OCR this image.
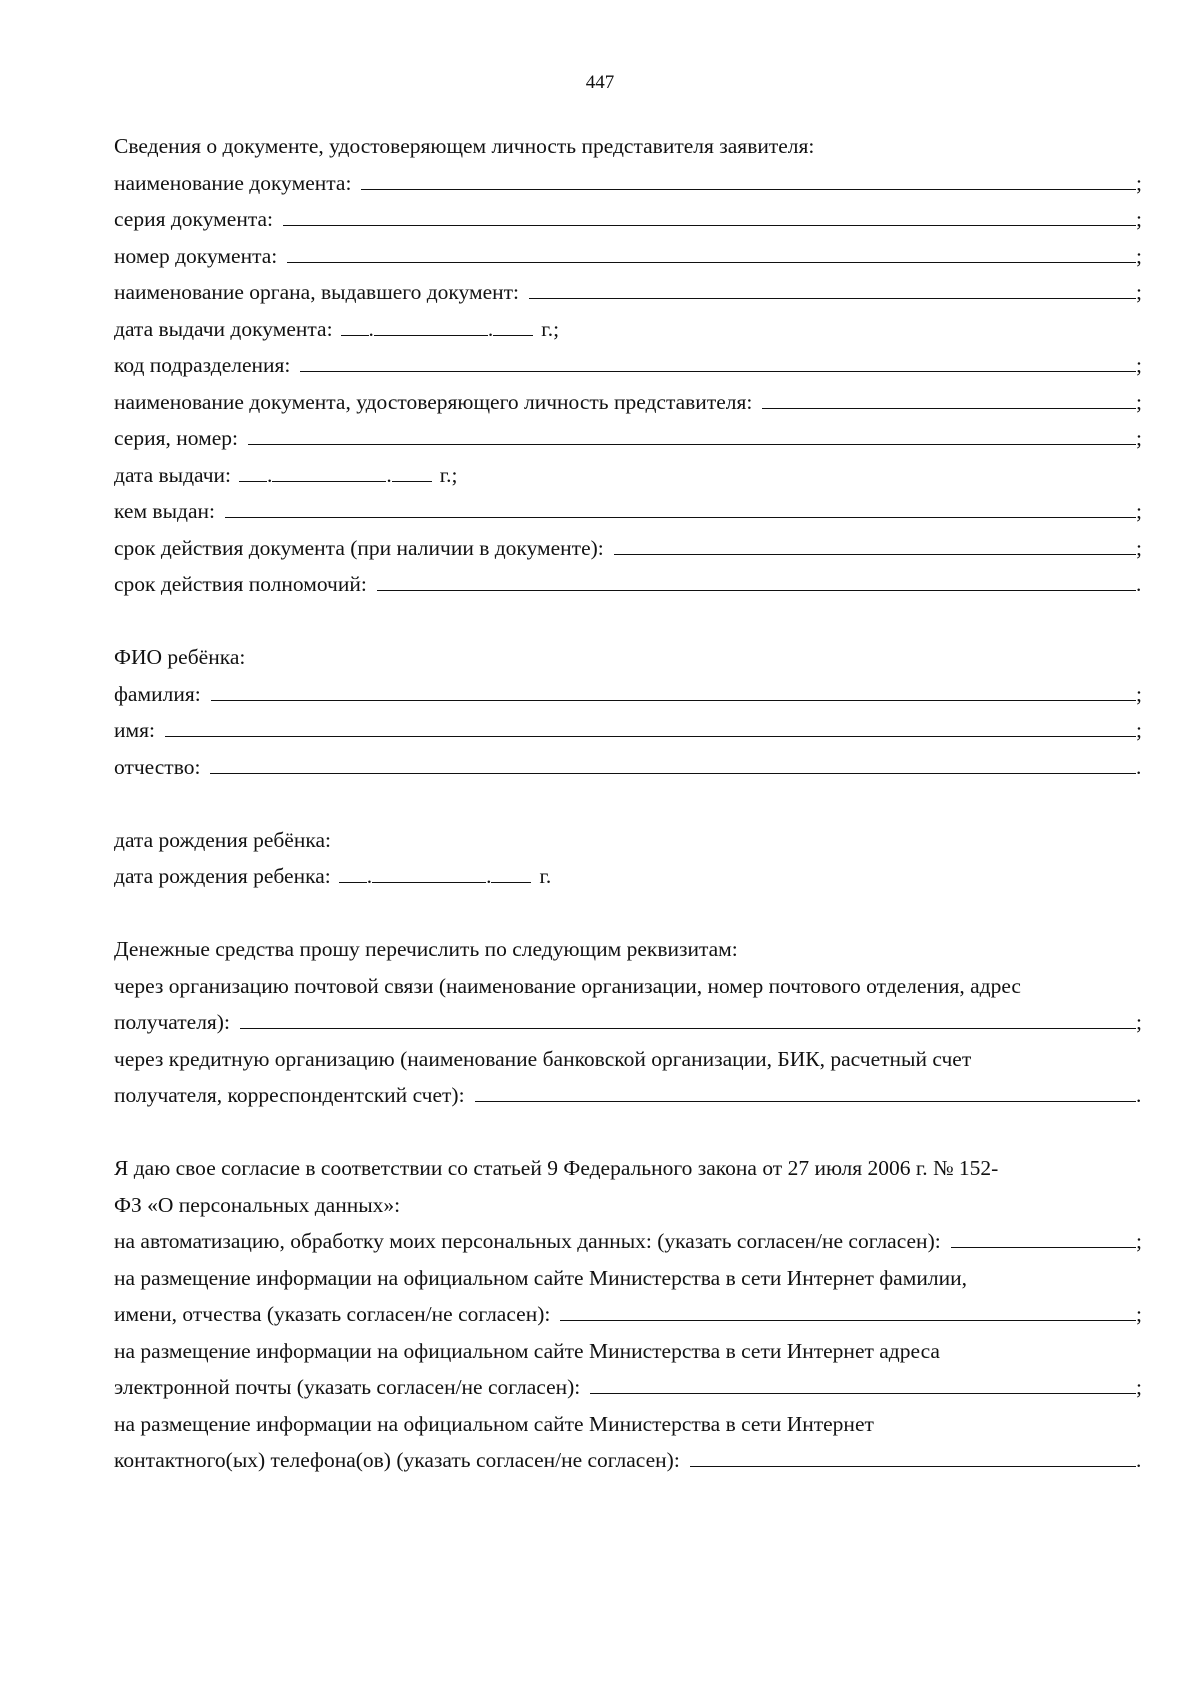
447
Сведения о документе, удостоверяющем личность представителя заявителя:
наименование документа:	;
серия документа:	;
номер документа:	;
наименование органа, выдавшего документ:	;
дата выдачи документа: .	. г.;
код подразделения:	;
наименование документа, удостоверяющего личность представителя:	;
серия, номер:	;
дата выдачи: .	. г.;
кем выдан:	;
срок действия документа (при наличии в документе):	;
срок действия полномочий:	.
ФИО ребёнка:
фамилия:	;
имя:	;
отчество:	.
дата рождения ребёнка:
дата рождения ребенка: .	. г.
Денежные средства прошу перечислить по следующим реквизитам:
через организацию почтовой связи (наименование организации, номер почтового отделения, адрес
получателя):	;
через кредитную организацию (наименование банковской организации, БИК, расчетный счет
получателя, корреспондентский счет):	.
Я даю свое согласие в соответствии со статьей 9 Федерального закона от 27 июля 2006 г. № 152-
ФЗ «О персональных данных»:
на автоматизацию, обработку моих персональных данных: (указать согласен/не согласен):	;
на размещение информации на официальном сайте Министерства в сети Интернет фамилии,
имени, отчества (указать согласен/не согласен):	;
на размещение информации на официальном сайте Министерства в сети Интернет адреса
электронной почты (указать согласен/не согласен):	;
на размещение информации на официальном сайте Министерства в сети Интернет
контактного(ых) телефона(ов) (указать согласен/не согласен):	.
